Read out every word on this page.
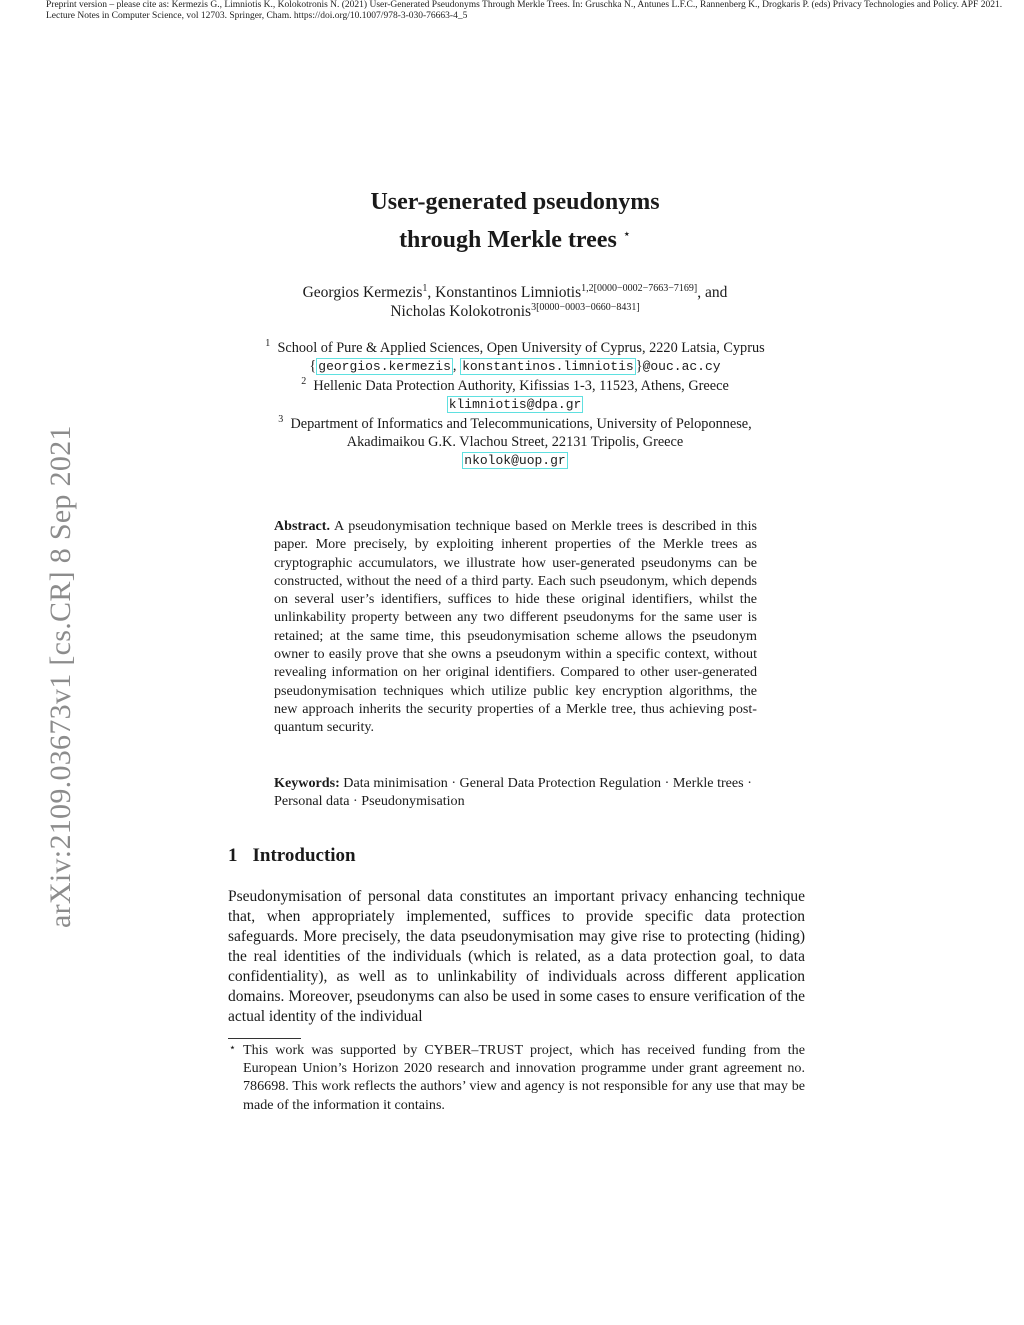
Preprint version – please cite as: Kermezis G., Limniotis K., Kolokotronis N. (2021) User-Generated Pseudonyms Through Merkle Trees. In: Gruschka N., Antunes L.F.C., Rannenberg K., Drogkaris P. (eds) Privacy Technologies and Policy. APF 2021. Lecture Notes in Computer Science, vol 12703. Springer, Cham. https://doi.org/10.1007/978-3-030-76663-4_5
arXiv:2109.03673v1 [cs.CR] 8 Sep 2021
User-generated pseudonyms
through Merkle trees ⋆
Georgios Kermezis$^1$, Konstantinos Limniotis$^{1,2[0000-0002-7663-7169]}$, and
Nicholas Kolokotronis$^{3[0000-0003-0660-8431]}$
$^1$ School of Pure & Applied Sciences, Open University of Cyprus, 2220 Latsia, Cyprus
{ georgios.kermezis , konstantinos.limniotis }@ouc.ac.cy
$^2$ Hellenic Data Protection Authority, Kifissias 1-3, 11523, Athens, Greece
klimniotis@dpa.gr
$^3$ Department of Informatics and Telecommunications, University of Peloponnese,
Akadimaikou G.K. Vlachou Street, 22131 Tripolis, Greece
nkolok@uop.gr
Abstract. A pseudonymisation technique based on Merkle trees is described in this paper. More precisely, by exploiting inherent properties of the Merkle trees as cryptographic accumulators, we illustrate how user-generated pseudonyms can be constructed, without the need of a third party. Each such pseudonym, which depends on several user’s identifiers, suffices to hide these original identifiers, whilst the unlinkability property between any two different pseudonyms for the same user is retained; at the same time, this pseudonymisation scheme allows the pseudonym owner to easily prove that she owns a pseudonym within a specific context, without revealing information on her original identifiers. Compared to other user-generated pseudonymisation techniques which utilize public key encryption algorithms, the new approach inherits the security properties of a Merkle tree, thus achieving post-quantum security.
Keywords: Data minimisation · General Data Protection Regulation · Merkle trees · Personal data · Pseudonymisation
1 Introduction
Pseudonymisation of personal data constitutes an important privacy enhancing technique that, when appropriately implemented, suffices to provide specific data protection safeguards. More precisely, the data pseudonymisation may give rise to protecting (hiding) the real identities of the individuals (which is related, as a data protection goal, to data confidentiality), as well as to unlinkability of individuals across different application domains. Moreover, pseudonyms can also be used in some cases to ensure verification of the actual identity of the individual
⋆ This work was supported by CYBER–TRUST project, which has received funding from the European Union’s Horizon 2020 research and innovation programme under grant agreement no. 786698. This work reflects the authors’ view and agency is not responsible for any use that may be made of the information it contains.
